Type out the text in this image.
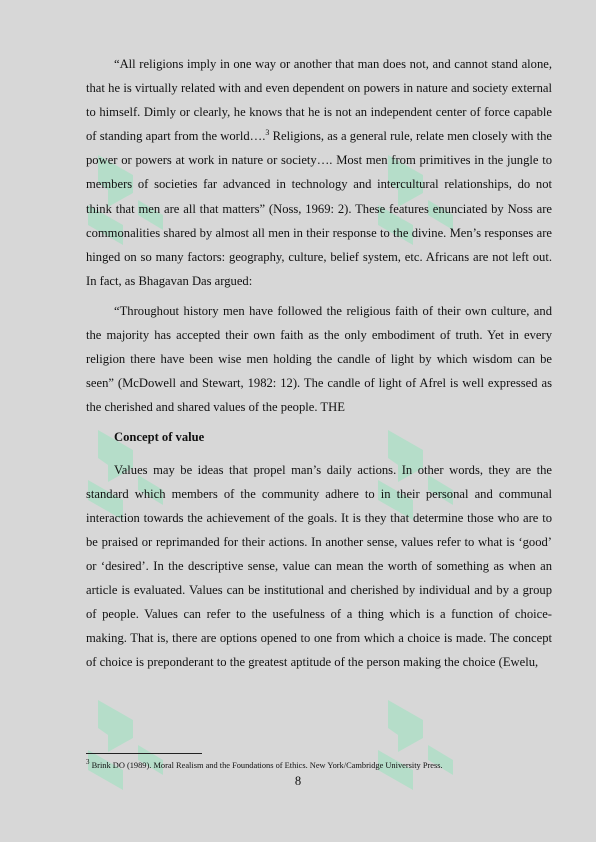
“All religions imply in one way or another that man does not, and cannot stand alone, that he is virtually related with and even dependent on powers in nature and society external to himself. Dimly or clearly, he knows that he is not an independent center of force capable of standing apart from the world….$^3$ Religions, as a general rule, relate men closely with the power or powers at work in nature or society…. Most men from primitives in the jungle to members of societies far advanced in technology and intercultural relationships, do not think that men are all that matters” (Noss, 1969: 2). These features enunciated by Noss are commonalities shared by almost all men in their response to the divine. Men’s responses are hinged on so many factors: geography, culture, belief system, etc. Africans are not left out. In fact, as Bhagavan Das argued:

“Throughout history men have followed the religious faith of their own culture, and the majority has accepted their own faith as the only embodiment of truth. Yet in every religion there have been wise men holding the candle of light by which wisdom can be seen” (McDowell and Stewart, 1982: 12). The candle of light of Afrel is well expressed as the cherished and shared values of the people. THE

Concept of value

Values may be ideas that propel man’s daily actions. In other words, they are the standard which members of the community adhere to in their personal and communal interaction towards the achievement of the goals. It is they that determine those who are to be praised or reprimanded for their actions. In another sense, values refer to what is ‘good’ or ‘desired’. In the descriptive sense, value can mean the worth of something as when an article is evaluated. Values can be institutional and cherished by individual and by a group of people. Values can refer to the usefulness of a thing which is a function of choice-making. That is, there are options opened to one from which a choice is made. The concept of choice is preponderant to the greatest aptitude of the person making the choice (Ewelu,

$^3$ Brink DO (1989). Moral Realism and the Foundations of Ethics. New York/Cambridge University Press.
8
